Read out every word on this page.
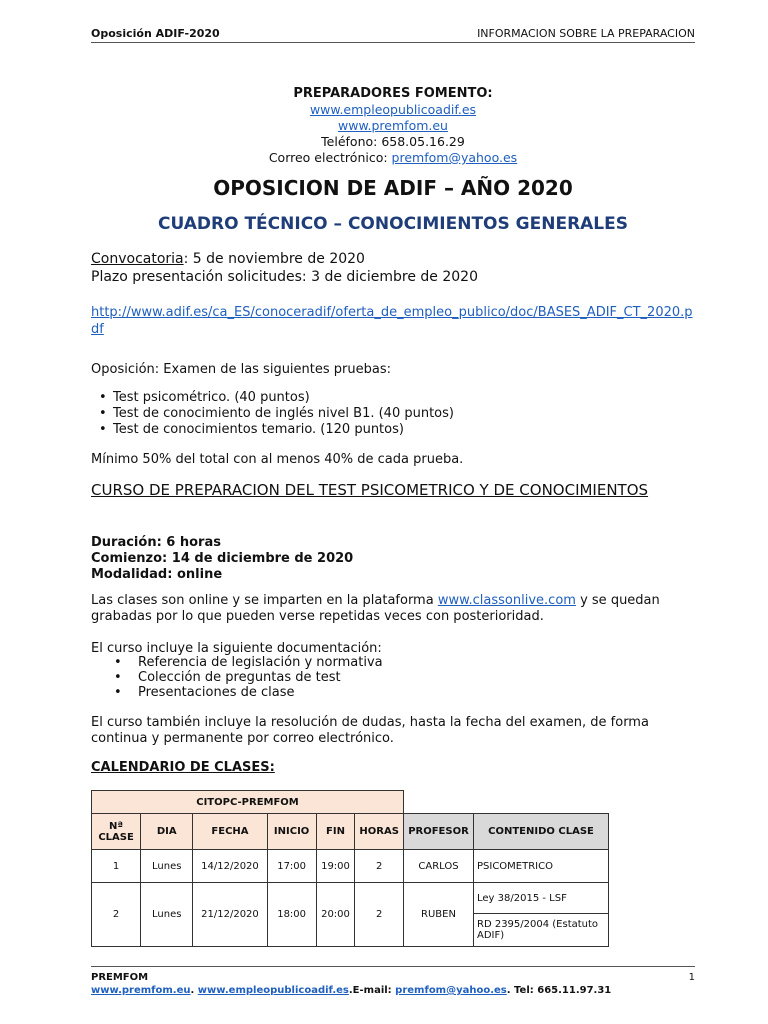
Oposición ADIF-2020	INFORMACION SOBRE LA PREPARACION
PREPARADORES FOMENTO:
www.empleopublicoadif.es
www.premfom.eu
Teléfono: 658.05.16.29
Correo electrónico: premfom@yahoo.es
OPOSICION DE ADIF – AÑO 2020
CUADRO TÉCNICO – CONOCIMIENTOS GENERALES
Convocatoria: 5 de noviembre de 2020
Plazo presentación solicitudes: 3 de diciembre de 2020
http://www.adif.es/ca_ES/conoceradif/oferta_de_empleo_publico/doc/BASES_ADIF_CT_2020.pdf
Oposición: Examen de las siguientes pruebas:
• Test psicométrico. (40 puntos)
• Test de conocimiento de inglés nivel B1. (40 puntos)
• Test de conocimientos temario. (120 puntos)
Mínimo 50% del total con al menos 40% de cada prueba.
CURSO DE PREPARACION DEL TEST PSICOMETRICO Y DE CONOCIMIENTOS
Duración: 6 horas
Comienzo: 14 de diciembre de 2020
Modalidad: online
Las clases son online y se imparten en la plataforma www.classonlive.com y se quedan grabadas por lo que pueden verse repetidas veces con posterioridad.
El curso incluye la siguiente documentación:
• Referencia de legislación y normativa
• Colección de preguntas de test
• Presentaciones de clase
El curso también incluye la resolución de dudas, hasta la fecha del examen, de forma continua y permanente por correo electrónico.
CALENDARIO DE CLASES:
CITOPC-PREMFOM							
Nª CLASE	DIA	FECHA	INICIO	FIN	HORAS	PROFESOR	CONTENIDO CLASE
1	Lunes	14/12/2020	17:00	19:00	2	CARLOS	PSICOMETRICO
2	Lunes	21/12/2020	18:00	20:00	2	RUBEN	Ley 38/2015 - LSF
							RD 2395/2004 (Estatuto ADIF)
PREMFOM	1
www.premfom.eu. www.empleopublicoadif.es.E-mail: premfom@yahoo.es. Tel: 665.11.97.31
